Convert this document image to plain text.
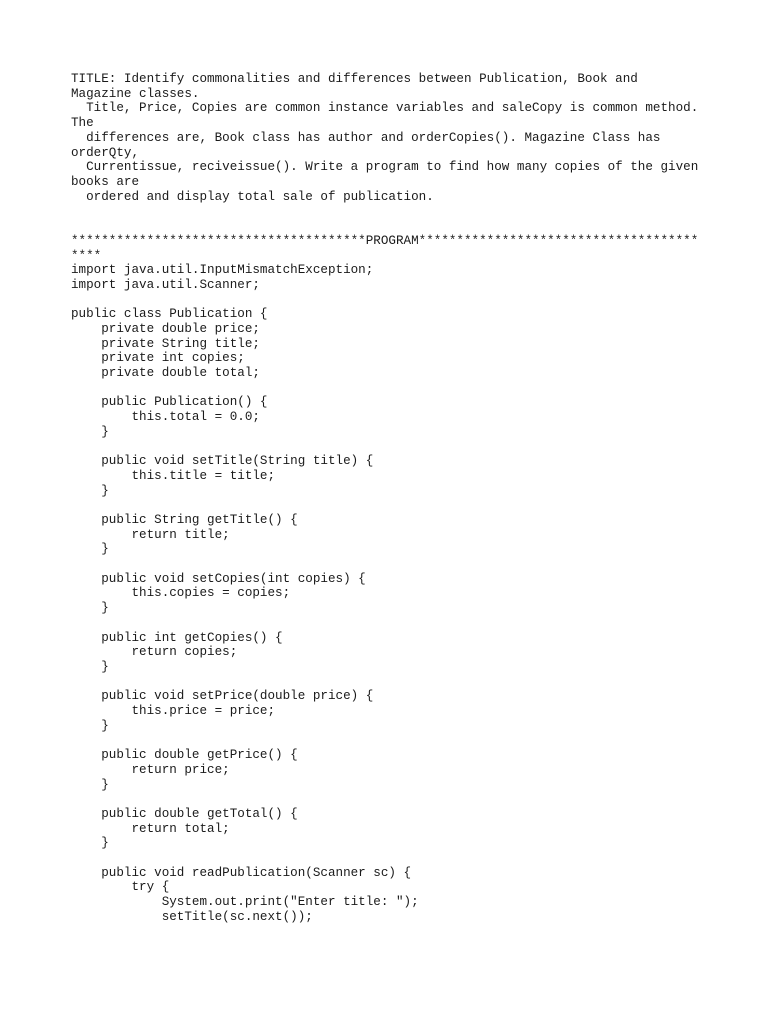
TITLE: Identify commonalities and differences between Publication, Book and
Magazine classes.
Title, Price, Copies are common instance variables and saleCopy is common method.
The
differences are, Book class has author and orderCopies(). Magazine Class has
orderQty,
Currentissue, reciveissue(). Write a program to find how many copies of the given
books are
ordered and display total sale of publication.
***************************************PROGRAM*************************************
****
import java.util.InputMismatchException;
import java.util.Scanner;
public class Publication {
private double price;
private String title;
private int copies;
private double total;
public Publication() {
this.total = 0.0;
}
public void setTitle(String title) {
this.title = title;
}
public String getTitle() {
return title;
}
public void setCopies(int copies) {
this.copies = copies;
}
public int getCopies() {
return copies;
}
public void setPrice(double price) {
this.price = price;
}
public double getPrice() {
return price;
}
public double getTotal() {
return total;
}
public void readPublication(Scanner sc) {
try {
System.out.print("Enter title: ");
setTitle(sc.next());
